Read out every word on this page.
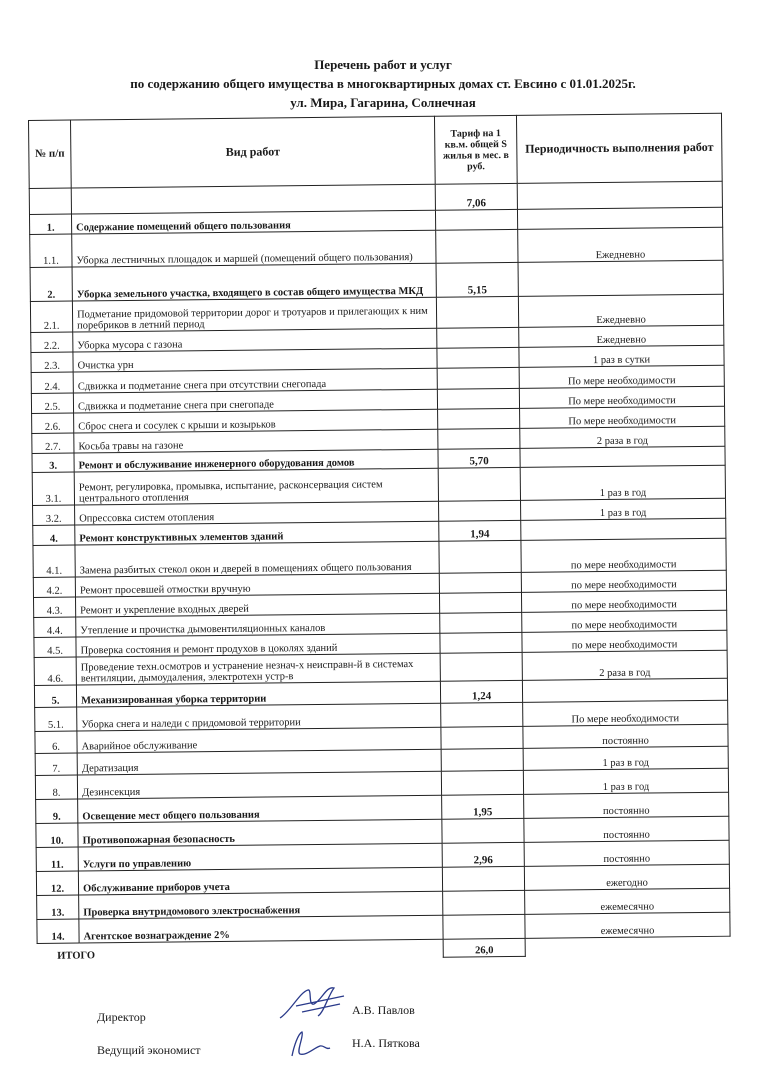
Перечень работ и услуг
по содержанию общего имущества в многоквартирных домах ст. Евсино с 01.01.2025г.
ул. Мира, Гагарина, Солнечная
№ п/п	Вид работ	Тариф на 1 кв.м. общей S жилья в мес. в руб.	Периодичность выполнения работ
		7,06	
1.	Содержание помещений общего пользования		
1.1.	Уборка лестничных площадок и маршей (помещений общего пользования)		Ежедневно
2.	Уборка земельного участка, входящего в состав общего имущества МКД	5,15	
2.1.	Подметание придомовой территории дорог и тротуаров и прилегающих к ним поребриков в летний период		Ежедневно
2.2.	Уборка мусора с газона		Ежедневно
2.3.	Очистка урн		1 раз в сутки
2.4.	Сдвижка и подметание снега при отсутствии снегопада		По мере необходимости
2.5.	Сдвижка и подметание снега при снегопаде		По мере необходимости
2.6.	Сброс снега и сосулек с крыши и козырьков		По мере необходимости
2.7.	Косьба травы на газоне		2 раза в год
3.	Ремонт и обслуживание инженерного оборудования домов	5,70	
3.1.	Ремонт, регулировка, промывка, испытание, расконсервация систем центрального отопления		1 раз в год
3.2.	Опрессовка систем отопления		1 раз в год
4.	Ремонт конструктивных элементов зданий	1,94	
4.1.	Замена разбитых стекол окон и дверей в помещениях общего пользования		по мере необходимости
4.2.	Ремонт просевшей отмостки вручную		по мере необходимости
4.3.	Ремонт и укрепление входных дверей		по мере необходимости
4.4.	Утепление и прочистка дымовентиляционных каналов		по мере необходимости
4.5.	Проверка состояния и ремонт продухов в цоколях зданий		по мере необходимости
4.6.	Проведение техн.осмотров и устранение незнач-х неисправн-й в системах вентиляции, дымоудаления, электротехн устр-в		2 раза в год
5.	Механизированная уборка территории	1,24	
5.1.	Уборка снега и наледи с придомовой территории		По мере необходимости
6.	Аварийное обслуживание		постоянно
7.	Дератизация		1 раз в год
8.	Дезинсекция		1 раз в год
9.	Освещение мест общего пользования	1,95	постоянно
10.	Противопожарная безопасность		постоянно
11.	Услуги по управлению	2,96	постоянно
12.	Обслуживание приборов учета		ежегодно
13.	Проверка внутридомового электроснабжения		ежемесячно
14.	Агентское вознаграждение 2%		ежемесячно
ИТОГО		26,0	
Директор	А.В. Павлов
Ведущий экономист	Н.А. Пяткова
